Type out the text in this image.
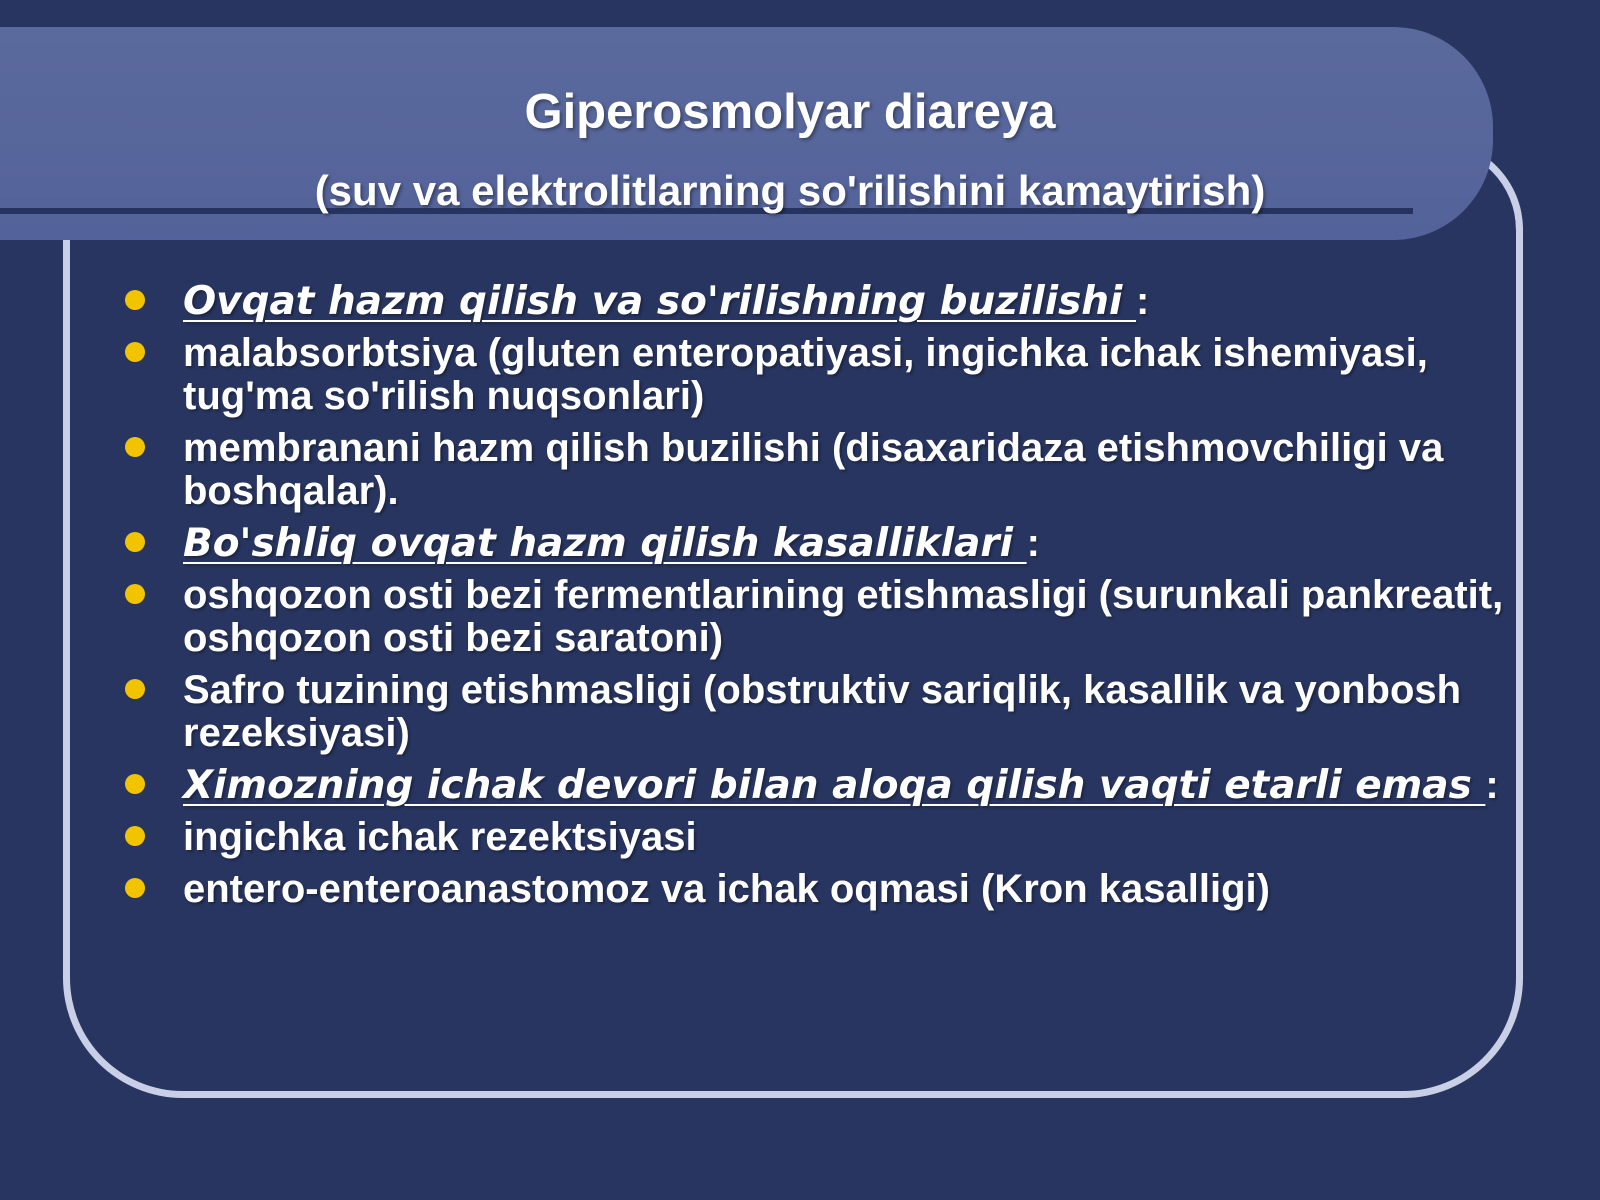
Giperosmolyar diareya
(suv va elektrolitlarning so'rilishini kamaytirish)
Ovqat hazm qilish va so'rilishning buzilishi :
malabsorbtsiya (gluten enteropatiyasi, ingichka ichak ishemiyasi, tug'ma so'rilish nuqsonlari)
membranani hazm qilish buzilishi (disaxaridaza etishmovchiligi va boshqalar).
Bo'shliq ovqat hazm qilish kasalliklari :
oshqozon osti bezi fermentlarining etishmasligi (surunkali pankreatit, oshqozon osti bezi saratoni)
Safro tuzining etishmasligi (obstruktiv sariqlik, kasallik va yonbosh rezeksiyasi)
Ximozning ichak devori bilan aloqa qilish vaqti etarli emas :
ingichka ichak rezektsiyasi
entero-enteroanastomoz va ichak oqmasi (Kron kasalligi)
